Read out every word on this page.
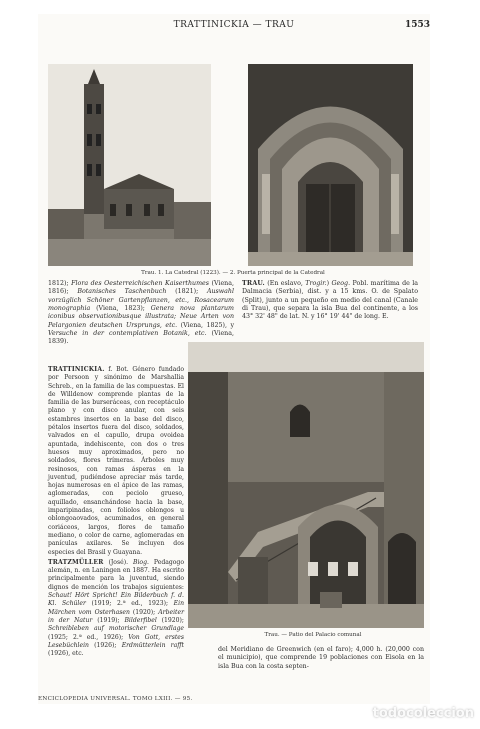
TRATTINICKIA — TRAU	1553
Trau. 1. La Catedral (1223). — 2. Puerta principal de la Catedral

1812); Flora des Oesterreichischen Kaiserthumes (Viena, 1816); Botanisches Taschenbuch (1821); Auswahl vorzüglich Schöner Gartenpflanzen, etc., Rosacearum monographia (Viena, 1823); Genera nova plantarum iconibus observationibusque illustrata; Neue Arten von Pelargonien deutschen Ursprungs, etc. (Viena, 1825), y Versuche in der contemplativen Botanik, etc. (Viena, 1839).

TRAU. (En eslavo, Trogir.) Geog. Pobl. marítima de la Dalmacia (Serbia), dist. y a 15 kms. O. de Spalato (Split), junto a un pequeño en medio del canal (Canale di Trau), que separa la isla Bua del continente, a los 43° 32' 48" de lat. N. y 16° 19' 44" de long. E.

TRATTINICKIA. f. Bot. Género fundado por Persoon y sinónimo de Marshallia Schreb., en la familia de las compuestas. El de Willdenow comprende plantas de la familia de las burseráceas, con receptáculo plano y con disco anular, con seis estambres insertos en la base del disco, pétalos insertos fuera del disco, soldados, valvados en el capullo, drupa ovoidea apuntada, indehiscente, con dos o tres huesos muy aproximados, pero no soldados, flores trímeras. Árboles muy resinosos, con ramas ásperas en la juventud, pudiéndose apreciar más tarde, hojas numerosas en el ápice de las ramas, aglomeradas, con peciolo grueso, aquillado, ensanchándose hacia la base, imparipinadas, con foliolos oblongos u oblongoaovados, acuminados, en general coriáceos, largos, flores de tamaño mediano, o color de carne, aglomeradas en panículas axilares. Se incluyen dos especies del Brasil y Guayana.

TRATZMÜLLER (José). Biog. Pedagogo alemán, n. en Laningen en 1887. Ha escrito principalmente para la juventud, siendo dignos de mención los trabajos siguientes: Schaut! Hört Spricht! Ein Bilderbuch f. d. Kl. Schüler (1919; 2.ª ed., 1923); Ein Märchen vom Osterhasen (1920); Arbeiter in der Natur (1919); Bilderfibel (1920); Schreibleben auf motorischer Grundlage (1925; 2.ª ed., 1926); Von Gott, erstes Lesebüchlein (1926); Erdmütterlein rafft (1926), etc.

Trau. — Patio del Palacio comunal

del Meridiano de Greenwich (en el faro); 4,000 h. (20,000 con el municipio), que comprende 19 poblaciones con Eisola en la isla Bua con la costa septen-

ENCICLOPEDIA UNIVERSAL. TOMO LXIII. — 95.
todocoleccion
